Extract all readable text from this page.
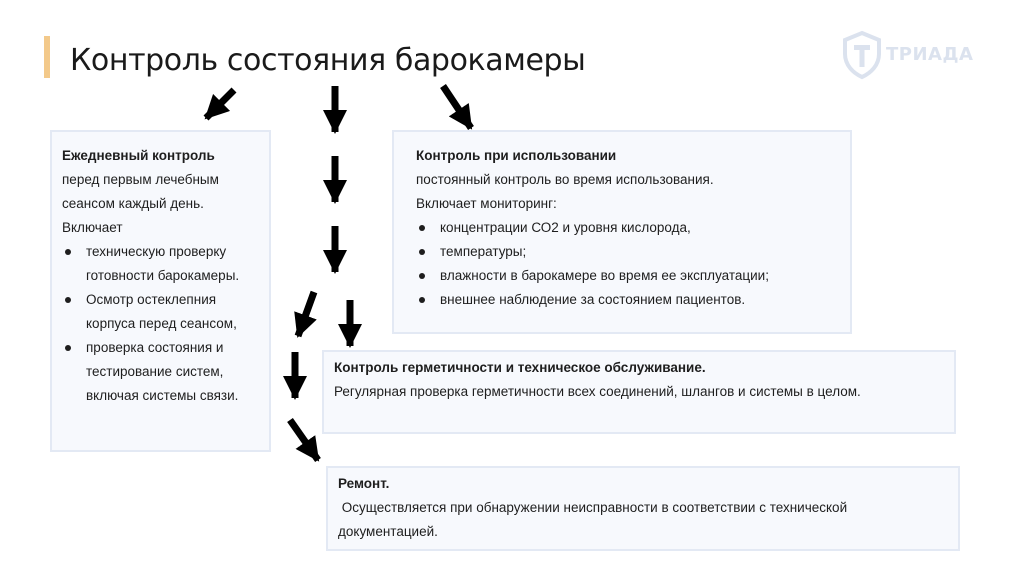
Контроль состояния барокамеры	ТРИАДА
Ежедневный контроль
перед первым лечебным
сеансом каждый день.
Включает
техническую проверку
готовности барокамеры.
Осмотр остеклепния
корпуса перед сеансом,
проверка состояния и
тестирование систем,
включая системы связи.
Контроль при использовании
постоянный контроль во время использования.
Включает мониторинг:
концентрации СО2 и уровня кислорода,
температуры;
влажности в барокамере во время ее эксплуатации;
внешнее наблюдение за состоянием пациентов.
Контроль герметичности и техническое обслуживание.
Регулярная проверка герметичности всех соединений, шлангов и системы в целом.
Ремонт.
Осуществляется при обнаружении неисправности в соответствии с технической
документацией.
